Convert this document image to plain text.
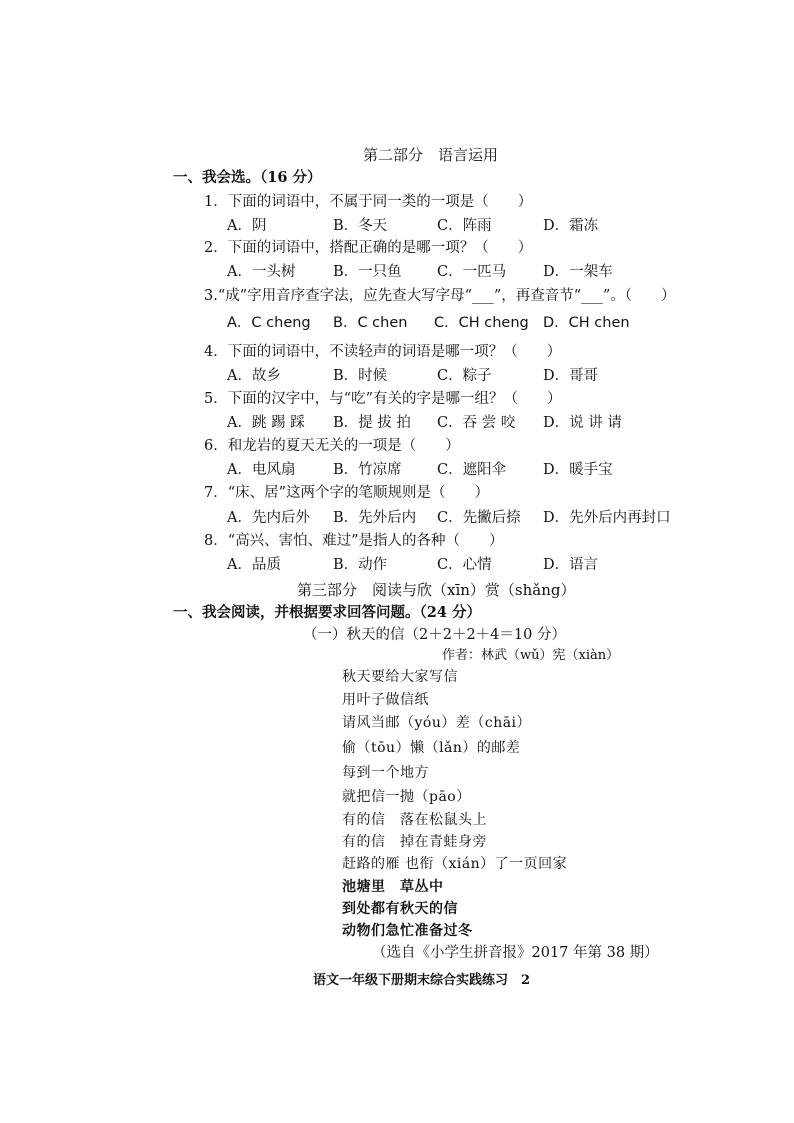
第二部分　语言运用
一、我会选。（16 分）
1．下面的词语中，不属于同一类的一项是（　　）
A．阴	B．冬天	C．阵雨	D．霜冻
2．下面的词语中，搭配正确的是哪一项？（　　）
A．一头树	B．一只鱼 C．一匹马	D．一架车
3.“成”字用音序查字法，应先查大写字母“___”，再查音节“___”。（　　）
A．C cheng B．C chen C．CH cheng D．CH chen
4．下面的词语中，不读轻声的词语是哪一项？（　　）
A．故乡	B．时候	C．粽子	D．哥哥
5．下面的汉字中，与“吃”有关的字是哪一组？（　　）
A．跳 踢 踩 B．提 拔 拍 C．吞 尝 咬 D．说 讲 请
6．和龙岩的夏天无关的一项是（　　）
A．电风扇	B．竹凉席 C．遮阳伞	D．暖手宝
7．“床、居”这两个字的笔顺规则是（　　）
A．先内后外 B．先外后内 C．先撇后捺 D．先外后内再封口
8．“高兴、害怕、难过”是指人的各种（　　）
A．品质	B．动作	C．心情	D．语言
第三部分　阅读与欣（xīn）赏（shǎng）
一、我会阅读，并根据要求回答问题。（24 分）
（一）秋天的信（2＋2＋2＋4＝10 分）
作者：林武（wǔ）宪（xiàn）
秋天要给大家写信
用叶子做信纸
请风当邮（yóu）差（chāi）
偷（tōu）懒（lǎn）的邮差
每到一个地方
就把信一抛（pāo）
有的信　落在松鼠头上
有的信　掉在青蛙身旁
赶路的雁 也衔（xián）了一页回家
池塘里　草丛中
到处都有秋天的信
动物们急忙准备过冬
（选自《小学生拼音报》2017 年第 38 期）
语文一年级下册期末综合实践练习　2
